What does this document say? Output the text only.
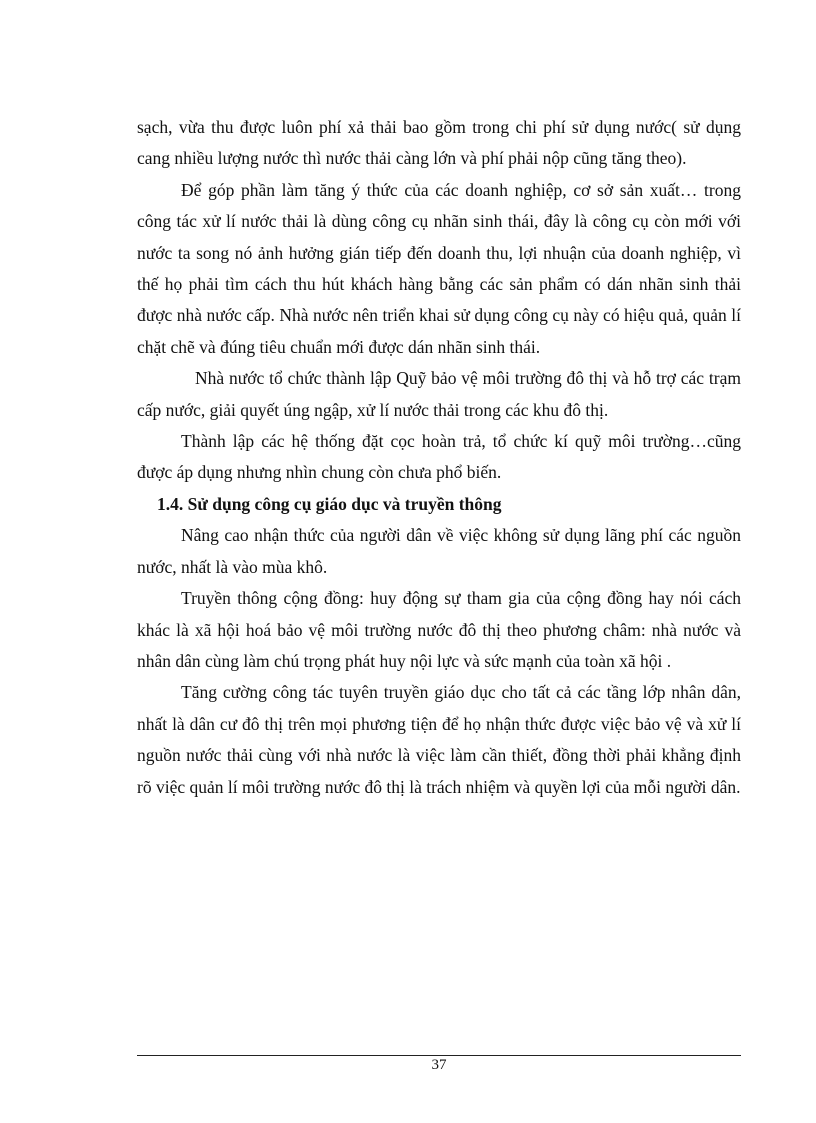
sạch, vừa thu được luôn phí xả thải bao gồm trong chi phí sử dụng nước( sử dụng cang nhiều lượng nước thì nước thải càng lớn và phí phải nộp cũng tăng theo).

Để góp phần làm tăng ý thức của các doanh nghiệp, cơ sở sản xuất… trong công tác xử lí nước thải là dùng công cụ nhãn sinh thái, đây là công cụ còn mới với nước ta song nó ảnh hưởng gián tiếp đến doanh thu, lợi nhuận của doanh nghiệp, vì thế họ phải tìm cách thu hút khách hàng bằng các sản phẩm có dán nhãn sinh thải được nhà nước cấp. Nhà nước nên triển khai sử dụng công cụ này có hiệu quả, quản lí chặt chẽ và đúng tiêu chuẩn mới được dán nhãn sinh thái.

Nhà nước tổ chức thành lập Quỹ bảo vệ môi trường đô thị và hỗ trợ các trạm cấp nước, giải quyết úng ngập, xử lí nước thải trong các khu đô thị.

Thành lập các hệ thống đặt cọc hoàn trả, tổ chức kí quỹ môi trường…cũng được áp dụng nhưng nhìn chung còn chưa phổ biến.

1.4. Sử dụng công cụ giáo dục và truyền thông

Nâng cao nhận thức của người dân về việc không sử dụng lãng phí các nguồn nước, nhất là vào mùa khô.

Truyền thông cộng đồng: huy động sự tham gia của cộng đồng hay nói cách khác là xã hội hoá bảo vệ môi trường nước đô thị theo phương châm: nhà nước và nhân dân cùng làm chú trọng phát huy nội lực và sức mạnh của toàn xã hội .

Tăng cường công tác tuyên truyền giáo dục cho tất cả các tầng lớp nhân dân, nhất là dân cư đô thị trên mọi phương tiện để họ nhận thức được việc bảo vệ và xử lí nguồn nước thải cùng với nhà nước là việc làm cần thiết, đồng thời phải khẳng định rõ việc quản lí môi trường nước đô thị là trách nhiệm và quyền lợi của mỗi người dân.

37
